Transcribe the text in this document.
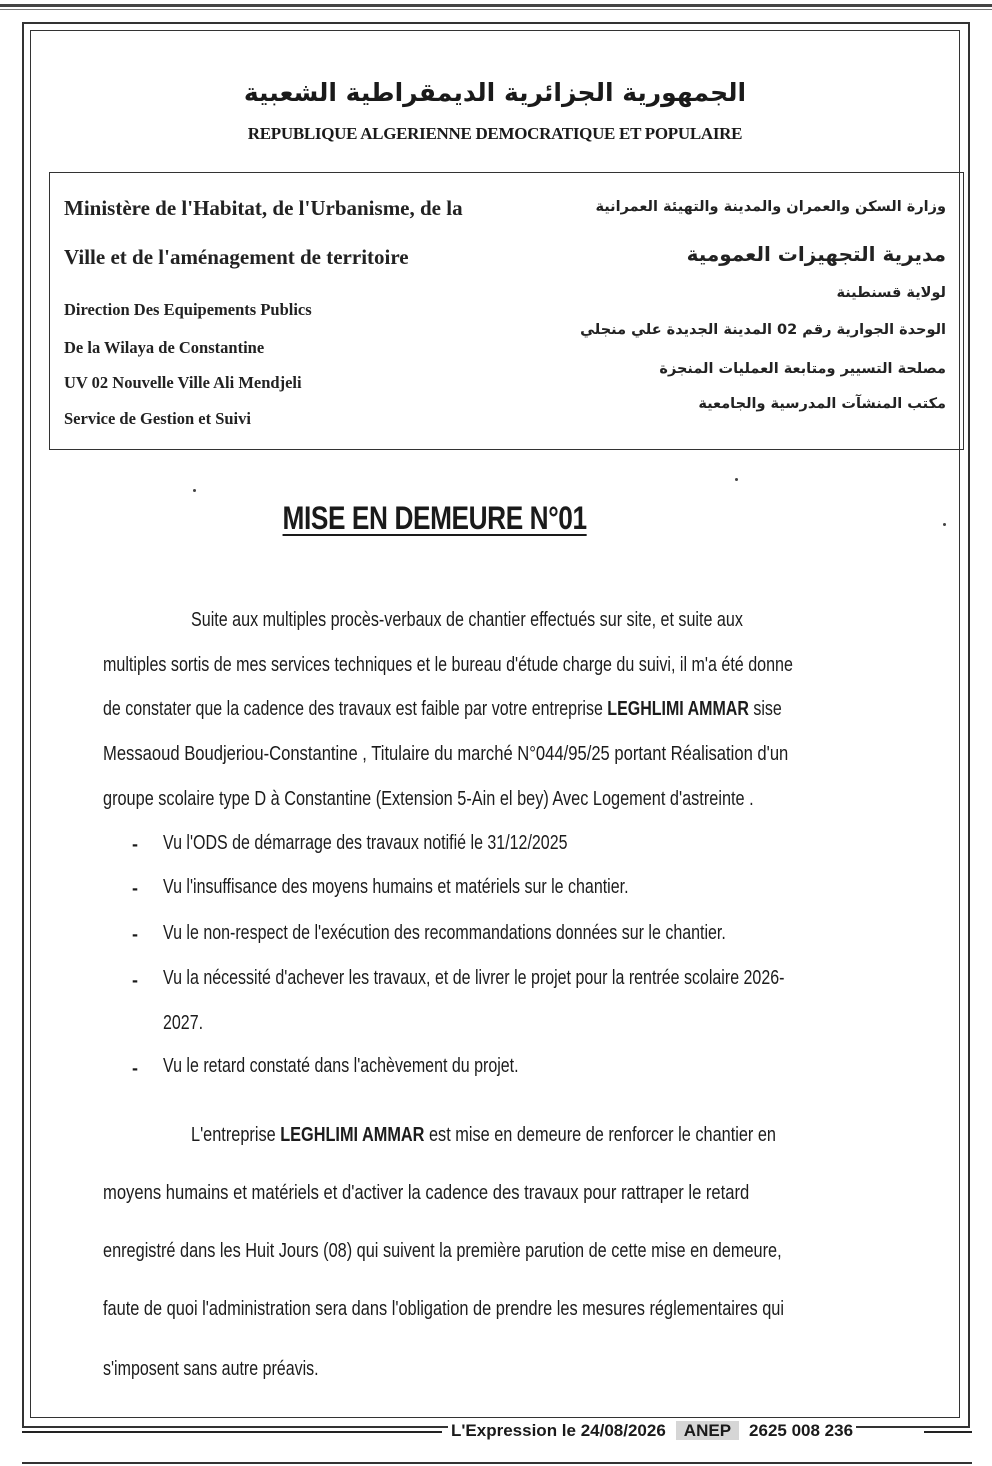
الجمهورية الجزائرية الديمقراطية الشعبية
REPUBLIQUE ALGERIENNE DEMOCRATIQUE ET POPULAIRE
Ministère de l'Habitat, de l'Urbanisme, de la
Ville et de l'aménagement de territoire
Direction Des Equipements Publics
De la Wilaya de Constantine
UV 02 Nouvelle Ville Ali Mendjeli
Service de Gestion et Suivi
وزارة السكن والعمران والمدينة والتهيئة العمرانية
مديرية التجهيزات العمومية
لولاية قسنطينة
الوحدة الجوارية رقم 02 المدينة الجديدة علي منجلي
مصلحة التسيير ومتابعة العمليات المنجزة
مكتب المنشآت المدرسية والجامعية
MISE EN DEMEURE N°01
Suite aux multiples procès-verbaux de chantier effectués sur site, et suite aux
multiples sortis de mes services techniques et le bureau d'étude charge du suivi, il m'a été donne
de constater que la cadence des travaux est faible par votre entreprise LEGHLIMI AMMAR sise
Messaoud Boudjeriou-Constantine , Titulaire du marché N°044/95/25 portant Réalisation d'un
groupe scolaire type D à Constantine (Extension 5-Ain el bey) Avec Logement d'astreinte .
- Vu l'ODS de démarrage des travaux notifié le 31/12/2025
- Vu l'insuffisance des moyens humains et matériels sur le chantier.
- Vu le non-respect de l'exécution des recommandations données sur le chantier.
- Vu la nécessité d'achever les travaux, et de livrer le projet pour la rentrée scolaire 2026-
2027.
- Vu le retard constaté dans l'achèvement du projet.
L'entreprise LEGHLIMI AMMAR est mise en demeure de renforcer le chantier en
moyens humains et matériels et d'activer la cadence des travaux pour rattraper le retard
enregistré dans les Huit Jours (08) qui suivent la première parution de cette mise en demeure,
faute de quoi l'administration sera dans l'obligation de prendre les mesures réglementaires qui
s'imposent sans autre préavis.
L'Expression le 24/08/2026 ANEP 2625 008 236
